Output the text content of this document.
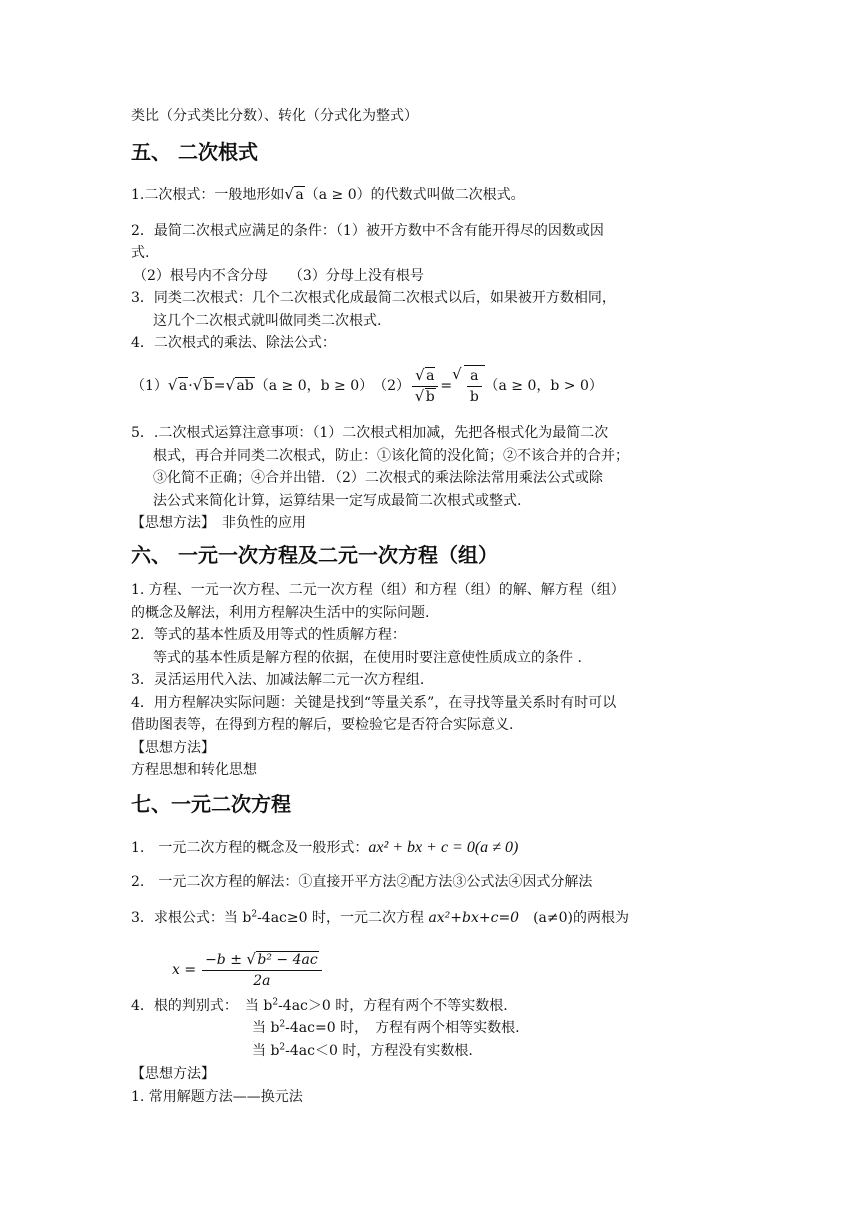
类比（分式类比分数）、转化（分式化为整式）
五、 二次根式
1.二次根式：一般地形如 √ a（a ≥ 0）的代数式叫做二次根式。
2．最简二次根式应满足的条件：（1）被开方数中不含有能开得尽的因数或因
式.
（2）根号内不含分母　　（3）分母上没有根号
3．同类二次根式：几个二次根式化成最简二次根式以后，如果被开方数相同，
这几个二次根式就叫做同类二次根式.
4．二次根式的乘法、除法公式：
（1） √ a · √ b = √ ab （a ≥ 0，b ≥ 0） （2） √ a
√ b = √ $\frac{a}{b} (a \ge 0$，b > 0）
5．.二次根式运算注意事项：（1）二次根式相加减，先把各根式化为最简二次
根式，再合并同类二次根式，防止：①该化简的没化简；②不该合并的合并；
③化简不正确；④合并出错．（2）二次根式的乘法除法常用乘法公式或除
法公式来简化计算，运算结果一定写成最简二次根式或整式.
【思想方法】　非负性的应用
六、 一元一次方程及二元一次方程（组）
1. 方程、一元一次方程、二元一次方程（组）和方程（组）的解、解方程（组）
的概念及解法，利用方程解决生活中的实际问题.
2．等式的基本性质及用等式的性质解方程：
等式的基本性质是解方程的依据，在使用时要注意使性质成立的条件 .
3．灵活运用代入法、加减法解二元一次方程组.
4．用方程解决实际问题：关键是找到“等量关系”，在寻找等量关系时有时可以
借助图表等，在得到方程的解后，要检验它是否符合实际意义.
【思想方法】
方程思想和转化思想
七、一元二次方程
1.　一元二次方程的概念及一般形式：ax² + bx + c = 0(a ≠ 0)
2.　一元二次方程的解法：①直接开平方法②配方法③公式法④因式分解法
3．求根公式：当 $b^2-4ac\ge 0$ 时，一元二次方程 ax²+bx+c=0　(a≠0)的两根为
$x = \frac{\text{−b ± √ b² − 4ac}}{2a}$
4．根的判别式：　当 $b^2-4ac>0$ 时，方程有两个不等实数根.
当 $b^2-4ac=0$ 时，　方程有两个相等实数根.
当 $b^2-4ac<0$ 时，方程没有实数根.
【思想方法】
1. 常用解题方法——换元法
